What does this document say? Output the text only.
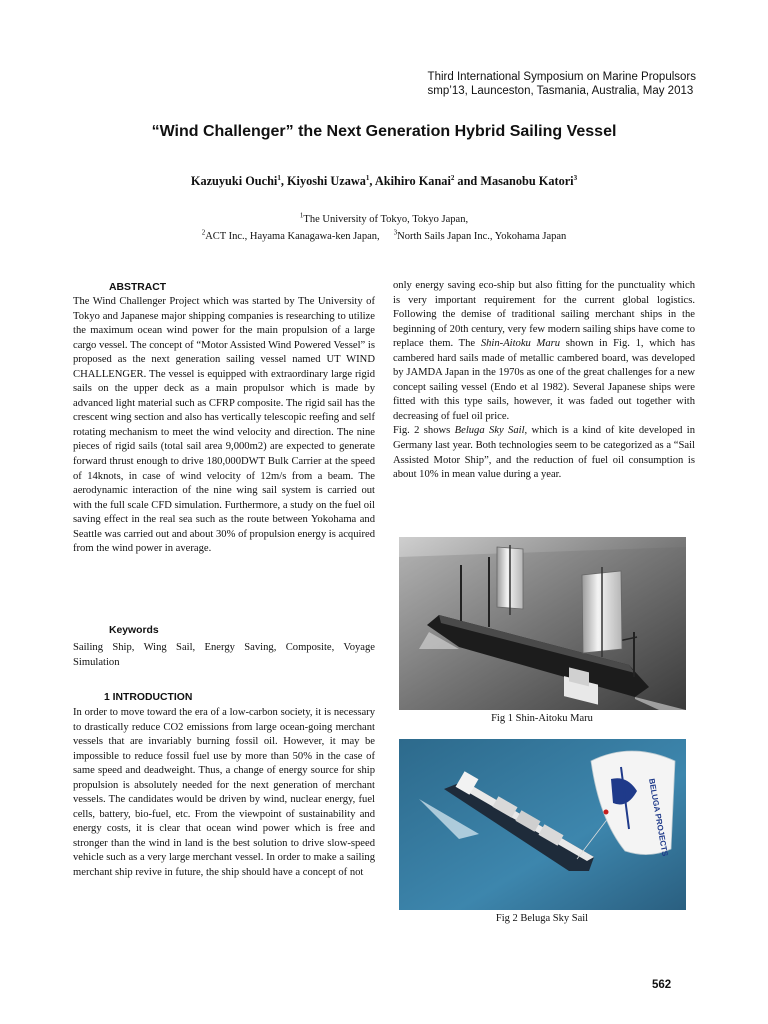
Third International Symposium on Marine Propulsors
smp’13, Launceston, Tasmania, Australia, May 2013
“Wind Challenger” the Next Generation Hybrid Sailing Vessel
Kazuyuki Ouchi$^1$, Kiyoshi Uzawa$^1$, Akihiro Kanai$^2$ and Masanobu Katori$^3$
$^1$The University of Tokyo, Tokyo Japan,
$^2$ACT Inc., Hayama Kanagawa-ken Japan, $^3$North Sails Japan Inc., Yokohama Japan
ABSTRACT
The Wind Challenger Project which was started by The University of Tokyo and Japanese major shipping companies is researching to utilize the maximum ocean wind power for the main propulsion of a large cargo vessel. The concept of “Motor Assisted Wind Powered Vessel” is proposed as the next generation sailing vessel named UT WIND CHALLENGER. The vessel is equipped with extraordinary large rigid sails on the upper deck as a main propulsor which is made by advanced light material such as CFRP composite. The rigid sail has the crescent wing section and also has vertically telescopic reefing and self rotating mechanism to meet the wind velocity and direction. The nine pieces of rigid sails (total sail area 9,000m2) are expected to generate forward thrust enough to drive 180,000DWT Bulk Carrier at the speed of 14knots, in case of wind velocity of 12m/s from a beam. The aerodynamic interaction of the nine wing sail system is carried out with the full scale CFD simulation. Furthermore, a study on the fuel oil saving effect in the real sea such as the route between Yokohama and Seattle was carried out and about 30% of propulsion energy is acquired from the wind power in average.
Keywords
Sailing Ship, Wing Sail, Energy Saving, Composite, Voyage Simulation
1 INTRODUCTION
In order to move toward the era of a low-carbon society, it is necessary to drastically reduce CO2 emissions from large ocean-going merchant vessels that are invariably burning fossil oil. However, it may be impossible to reduce fossil fuel use by more than 50% in the case of same speed and deadweight. Thus, a change of energy source for ship propulsion is absolutely needed for the next generation of merchant vessels. The candidates would be driven by wind, nuclear energy, fuel cells, battery, bio-fuel, etc. From the viewpoint of sustainability and energy costs, it is clear that ocean wind power which is free and stronger than the wind in land is the best solution to drive slow-speed vehicle such as a very large merchant vessel. In order to make a sailing merchant ship revive in future, the ship should have a concept of not
only energy saving eco-ship but also fitting for the punctuality which is very important requirement for the current global logistics. Following the demise of traditional sailing merchant ships in the beginning of 20th century, very few modern sailing ships have come to replace them. The Shin-Aitoku Maru shown in Fig. 1, which has cambered hard sails made of metallic cambered board, was developed by JAMDA Japan in the 1970s as one of the great challenges for a new concept sailing vessel (Endo et al 1982). Several Japanese ships were fitted with this type sails, however, it was faded out together with decreasing of fuel oil price.
Fig. 2 shows Beluga Sky Sail, which is a kind of kite developed in Germany last year. Both technologies seem to be categorized as a “Sail Assisted Motor Ship”, and the reduction of fuel oil consumption is about 10% in mean value during a year.
Fig 1 Shin-Aitoku Maru
BELUGA PROJECTS
Fig 2 Beluga Sky Sail
562
